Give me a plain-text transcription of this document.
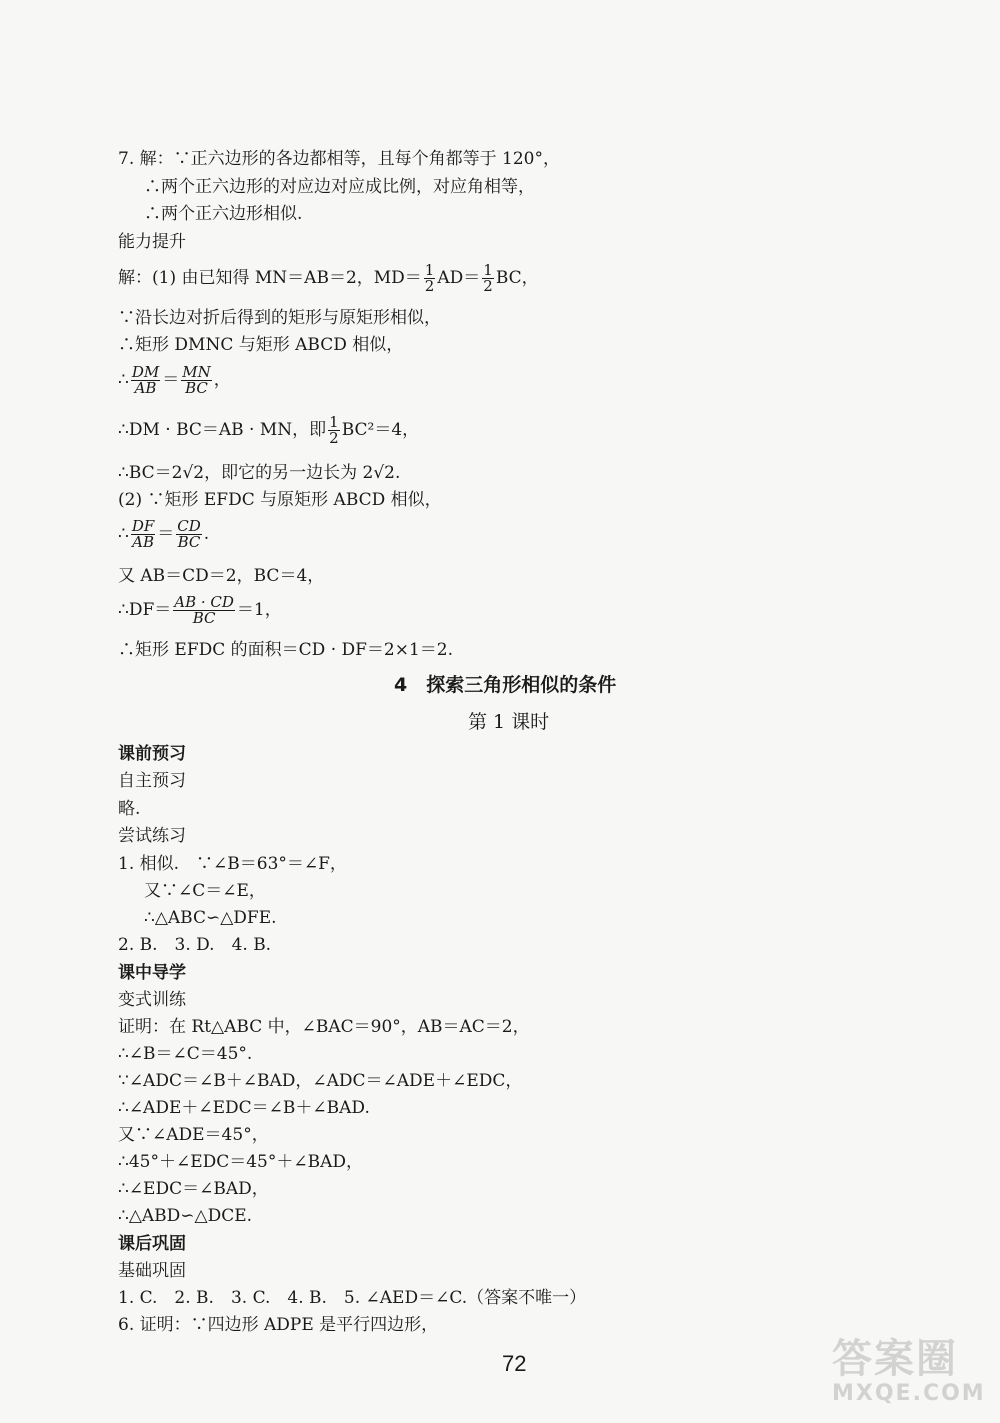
7. 解：∵正六边形的各边都相等，且每个角都等于 120°，
∴两个正六边形的对应边对应成比例，对应角相等，
∴两个正六边形相似.
能力提升
解：(1) 由已知得 MN＝AB＝2，$MD= \frac{1}{2} AD= \frac{1}{2}$ BC，
∵沿长边对折后得到的矩形与原矩形相似，
∴矩形 DMNC 与矩形 ABCD 相似，
∴ $\frac{DM}{AB} = \frac{MN}{BC}$ ，
∴DM · BC＝AB · MN，即 $\frac{1}{2} BC^2=4$，
∴BC＝2√2，即它的另一边长为 2√2.
(2) ∵矩形 EFDC 与原矩形 ABCD 相似，
∴ $\frac{DF}{AB} = \frac{CD}{BC}$ .
又 AB＝CD＝2，BC＝4，
∴DF＝ $\frac{AB \cdot CD}{BC} =1$，
∴矩形 EFDC 的面积＝CD · DF＝2×1＝2.
4　探索三角形相似的条件
第 1 课时
课前预习
自主预习
略.
尝试练习
1. 相似.　∵∠B＝63°＝∠F，
又∵∠C＝∠E，
∴△ABC∽△DFE.
2. B.　3. D.　4. B.
课中导学
变式训练
证明：在 Rt△ABC 中，∠BAC＝90°，AB＝AC＝2，
∴∠B＝∠C＝45°.
∵∠ADC＝∠B＋∠BAD，∠ADC＝∠ADE＋∠EDC，
∴∠ADE＋∠EDC＝∠B＋∠BAD.
又∵∠ADE＝45°，
∴45°＋∠EDC＝45°＋∠BAD，
∴∠EDC＝∠BAD，
∴△ABD∽△DCE.
课后巩固
基础巩固
1. C.　2. B.　3. C.　4. B.　5. ∠AED＝∠C.（答案不唯一）
6. 证明：∵四边形 ADPE 是平行四边形，
72	答案圈
MXQE.COM
